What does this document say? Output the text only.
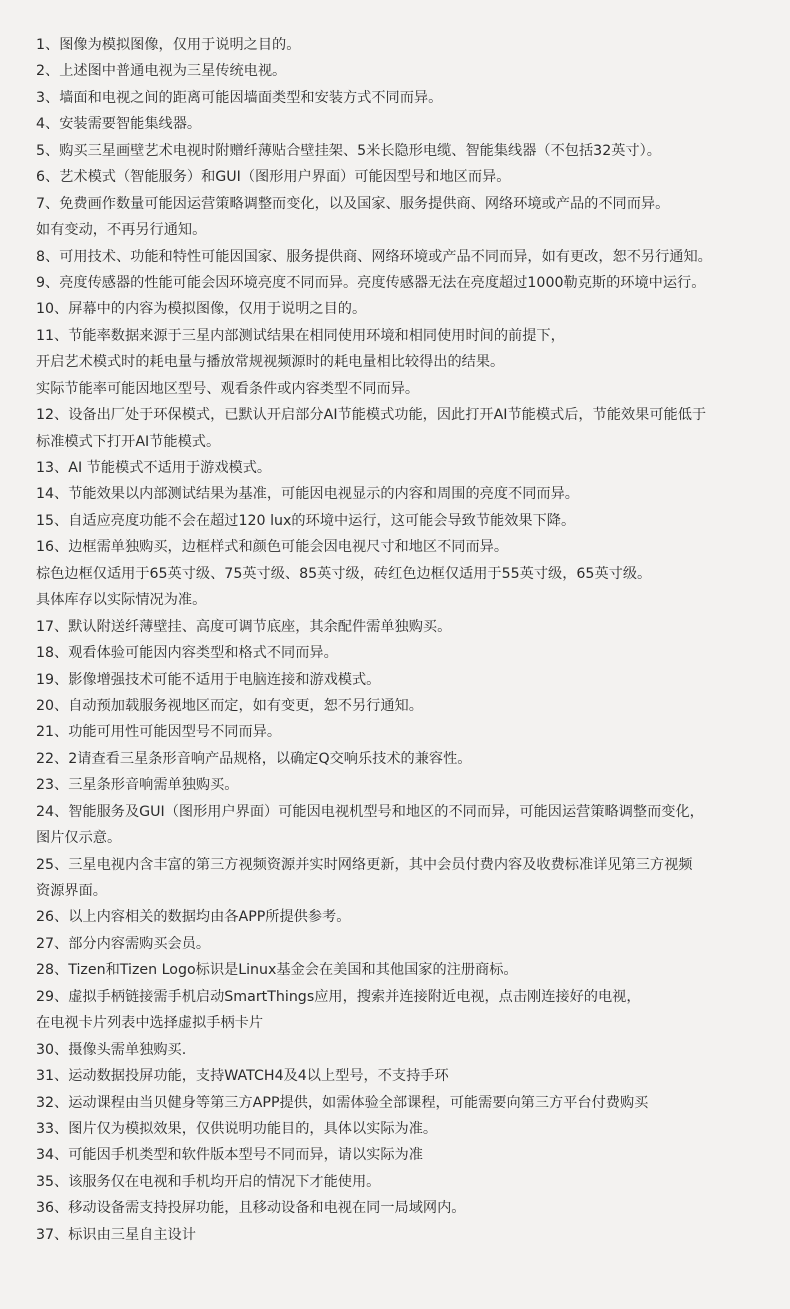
1、图像为模拟图像，仅用于说明之目的。
2、上述图中普通电视为三星传统电视。
3、墙面和电视之间的距离可能因墙面类型和安装方式不同而异。
4、安装需要智能集线器。
5、购买三星画壁艺术电视时附赠纤薄贴合壁挂架、5米长隐形电缆、智能集线器（不包括32英寸）。
6、艺术模式（智能服务）和GUI（图形用户界面）可能因型号和地区而异。
7、免费画作数量可能因运营策略调整而变化，以及国家、服务提供商、网络环境或产品的不同而异。
如有变动，不再另行通知。
8、可用技术、功能和特性可能因国家、服务提供商、网络环境或产品不同而异，如有更改，恕不另行通知。
9、亮度传感器的性能可能会因环境亮度不同而异。亮度传感器无法在亮度超过1000勒克斯的环境中运行。
10、屏幕中的内容为模拟图像，仅用于说明之目的。
11、节能率数据来源于三星内部测试结果在相同使用环境和相同使用时间的前提下，
开启艺术模式时的耗电量与播放常规视频源时的耗电量相比较得出的结果。
实际节能率可能因地区型号、观看条件或内容类型不同而异。
12、设备出厂处于环保模式，已默认开启部分AI节能模式功能，因此打开AI节能模式后，节能效果可能低于
标准模式下打开AI节能模式。
13、AI 节能模式不适用于游戏模式。
14、节能效果以内部测试结果为基准，可能因电视显示的内容和周围的亮度不同而异。
15、自适应亮度功能不会在超过120 lux的环境中运行，这可能会导致节能效果下降。
16、边框需单独购买，边框样式和颜色可能会因电视尺寸和地区不同而异。
棕色边框仅适用于65英寸级、75英寸级、85英寸级，砖红色边框仅适用于55英寸级，65英寸级。
具体库存以实际情况为准。
17、默认附送纤薄壁挂、高度可调节底座，其余配件需单独购买。
18、观看体验可能因内容类型和格式不同而异。
19、影像增强技术可能不适用于电脑连接和游戏模式。
20、自动预加载服务视地区而定，如有变更，恕不另行通知。
21、功能可用性可能因型号不同而异。
22、2请查看三星条形音响产品规格，以确定Q交响乐技术的兼容性。
23、三星条形音响需单独购买。
24、智能服务及GUI（图形用户界面）可能因电视机型号和地区的不同而异，可能因运营策略调整而变化，
图片仅示意。
25、三星电视内含丰富的第三方视频资源并实时网络更新，其中会员付费内容及收费标准详见第三方视频
资源界面。
26、以上内容相关的数据均由各APP所提供参考。
27、部分内容需购买会员。
28、Tizen和Tizen Logo标识是Linux基金会在美国和其他国家的注册商标。
29、虚拟手柄链接需手机启动SmartThings应用，搜索并连接附近电视，点击刚连接好的电视，
在电视卡片列表中选择虚拟手柄卡片
30、摄像头需单独购买.
31、运动数据投屏功能，支持WATCH4及4以上型号，不支持手环
32、运动课程由当贝健身等第三方APP提供，如需体验全部课程，可能需要向第三方平台付费购买
33、图片仅为模拟效果，仅供说明功能目的，具体以实际为准。
34、可能因手机类型和软件版本型号不同而异，请以实际为准
35、该服务仅在电视和手机均开启的情况下才能使用。
36、移动设备需支持投屏功能，且移动设备和电视在同一局域网内。
37、标识由三星自主设计
